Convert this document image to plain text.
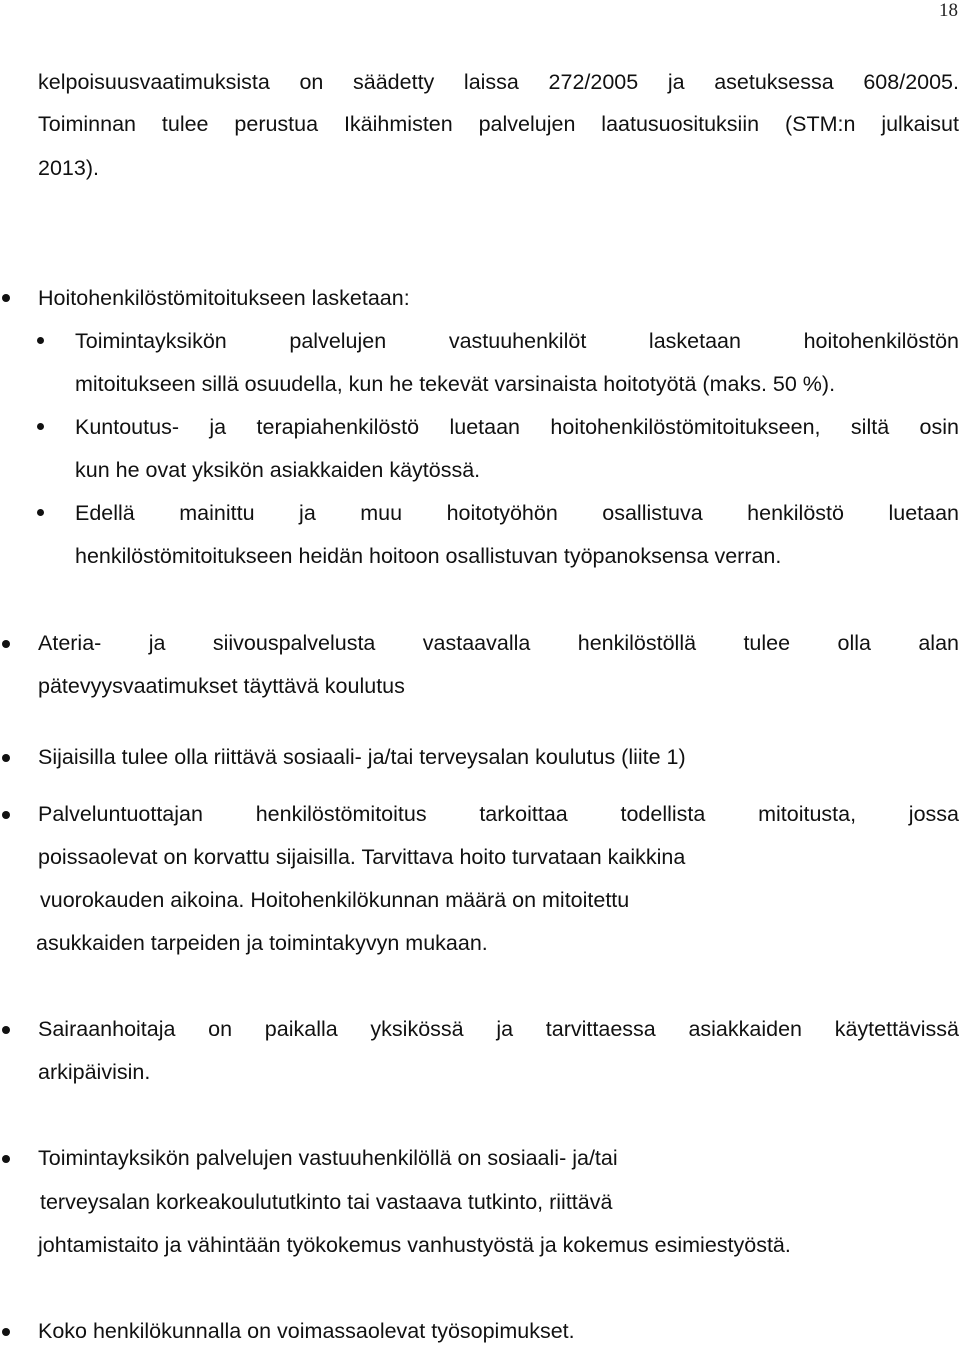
18
kelpoisuusvaatimuksista on säädetty laissa 272/2005 ja asetuksessa 608/2005.
Toiminnan tulee perustua Ikäihmisten palvelujen laatusuosituksiin (STM:n julkaisut
2013).
Hoitohenkilöstömitoitukseen lasketaan:
Toimintayksikön palvelujen vastuuhenkilöt lasketaan hoitohenkilöstön
mitoitukseen sillä osuudella, kun he tekevät varsinaista hoitotyötä (maks. 50 %).
Kuntoutus- ja terapiahenkilöstö luetaan hoitohenkilöstömitoitukseen, siltä osin
kun he ovat yksikön asiakkaiden käytössä.
Edellä mainittu ja muu hoitotyöhön osallistuva henkilöstö luetaan
henkilöstömitoitukseen heidän hoitoon osallistuvan työpanoksensa verran.
Ateria- ja siivouspalvelusta vastaavalla henkilöstöllä tulee olla alan
pätevyysvaatimukset täyttävä koulutus
Sijaisilla tulee olla riittävä sosiaali- ja/tai terveysalan koulutus (liite 1)
Palveluntuottajan henkilöstömitoitus tarkoittaa todellista mitoitusta, jossa
poissaolevat on korvattu sijaisilla. Tarvittava hoito turvataan kaikkina
vuorokauden aikoina. Hoitohenkilökunnan määrä on mitoitettu
asukkaiden tarpeiden ja toimintakyvyn mukaan.
Sairaanhoitaja on paikalla yksikössä ja tarvittaessa asiakkaiden käytettävissä
arkipäivisin.
Toimintayksikön palvelujen vastuuhenkilöllä on sosiaali- ja/tai
terveysalan korkeakoulututkinto tai vastaava tutkinto, riittävä
johtamistaito ja vähintään työkokemus vanhustyöstä ja kokemus esimiestyöstä.
Koko henkilökunnalla on voimassaolevat työsopimukset.
